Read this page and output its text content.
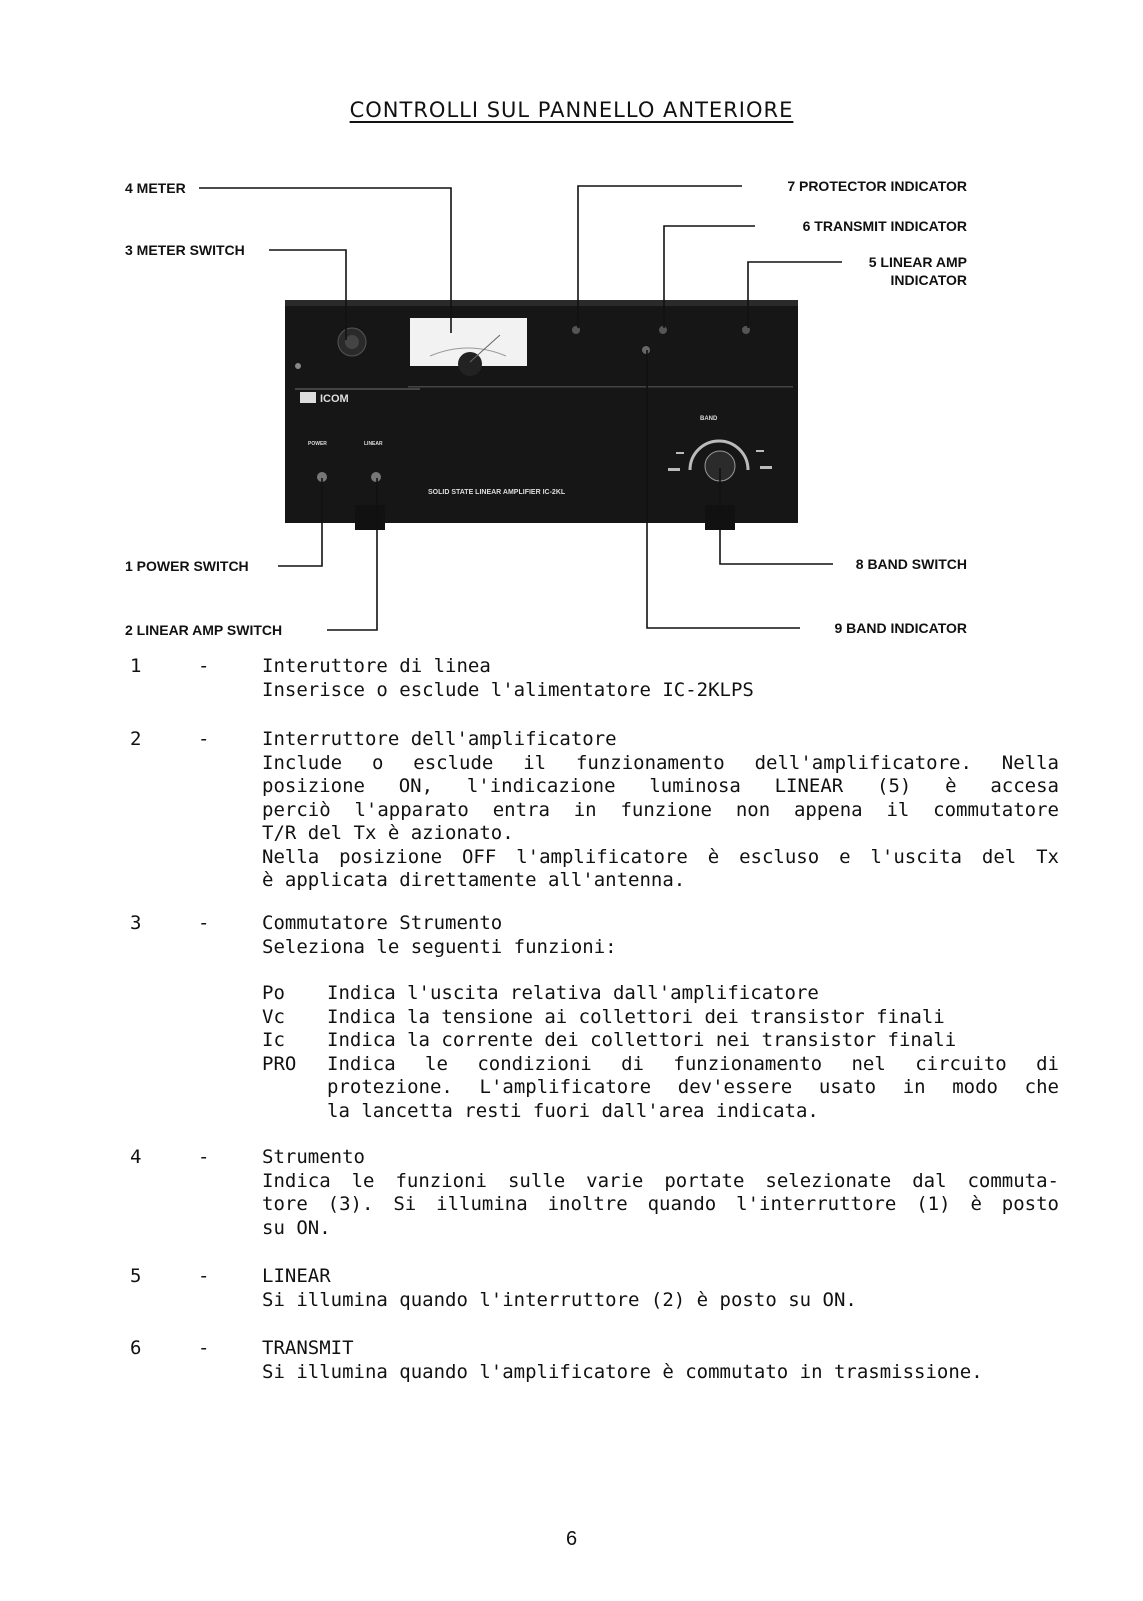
CONTROLLI SUL PANNELLO ANTERIORE
ICOM
POWER	LINEAR
SOLID STATE LINEAR AMPLIFIER IC-2KL
BAND
4 METER
3 METER SWITCH
7 PROTECTOR INDICATOR
6 TRANSMIT INDICATOR
5 LINEAR AMP
INDICATOR
1 POWER SWITCH
2 LINEAR AMP SWITCH
8 BAND SWITCH
9 BAND INDICATOR
1	-	Interuttore di linea
Inserisce o esclude l'alimentatore IC-2KLPS
2	-	Interruttore dell'amplificatore
Include o esclude il funzionamento dell'amplificatore. Nella
posizione ON, l'indicazione luminosa LINEAR (5) è accesa
perciò l'apparato entra in funzione non appena il commutatore
T/R del Tx è azionato.
Nella posizione OFF l'amplificatore è escluso e l'uscita del Tx
è applicata direttamente all'antenna.
3	-	Commutatore Strumento
Seleziona le seguenti funzioni:
Po Indica l'uscita relativa dall'amplificatore
Vc Indica la tensione ai collettori dei transistor finali
Ic Indica la corrente dei collettori nei transistor finali
PRO Indica le condizioni di funzionamento nel circuito di
protezione. L'amplificatore dev'essere usato in modo che
la lancetta resti fuori dall'area indicata.
4	-	Strumento
Indica le funzioni sulle varie portate selezionate dal commuta-
tore (3). Si illumina inoltre quando l'interruttore (1) è posto
su ON.
5	-	LINEAR
Si illumina quando l'interruttore (2) è posto su ON.
6	-	TRANSMIT
Si illumina quando l'amplificatore è commutato in trasmissione.
6
